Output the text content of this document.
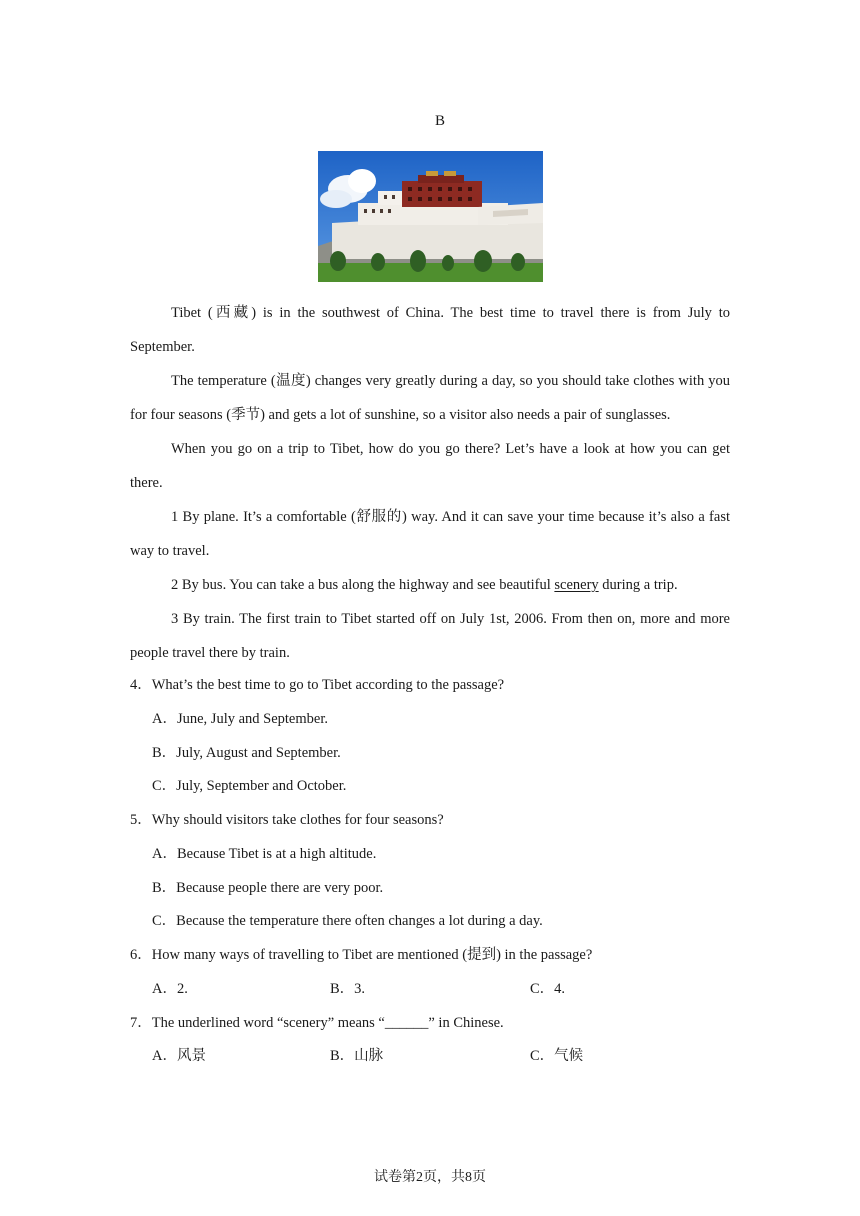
B

Tibet (西藏) is in the southwest of China. The best time to travel there is from July to September.

The temperature (温度) changes very greatly during a day, so you should take clothes with you for four seasons (季节) and gets a lot of sunshine, so a visitor also needs a pair of sunglasses.

When you go on a trip to Tibet, how do you go there? Let’s have a look at how you can get there.

1 By plane. It’s a comfortable (舒服的) way. And it can save your time because it’s also a fast way to travel.

2 By bus. You can take a bus along the highway and see beautiful scenery during a trip.

3 By train. The first train to Tibet started off on July 1st, 2006. From then on, more and more people travel there by train.

4．What’s the best time to go to Tibet according to the passage?
A．June, July and September.
B．July, August and September.
C．July, September and October.
5．Why should visitors take clothes for four seasons?
A．Because Tibet is at a high altitude.
B．Because people there are very poor.
C．Because the temperature there often changes a lot during a day.
6．How many ways of travelling to Tibet are mentioned (提到) in the passage?
A．2.	B．3.	C．4.
7．The underlined word “scenery” means “______” in Chinese.
A．风景	B．山脉	C．气候
试卷第2页，共8页
